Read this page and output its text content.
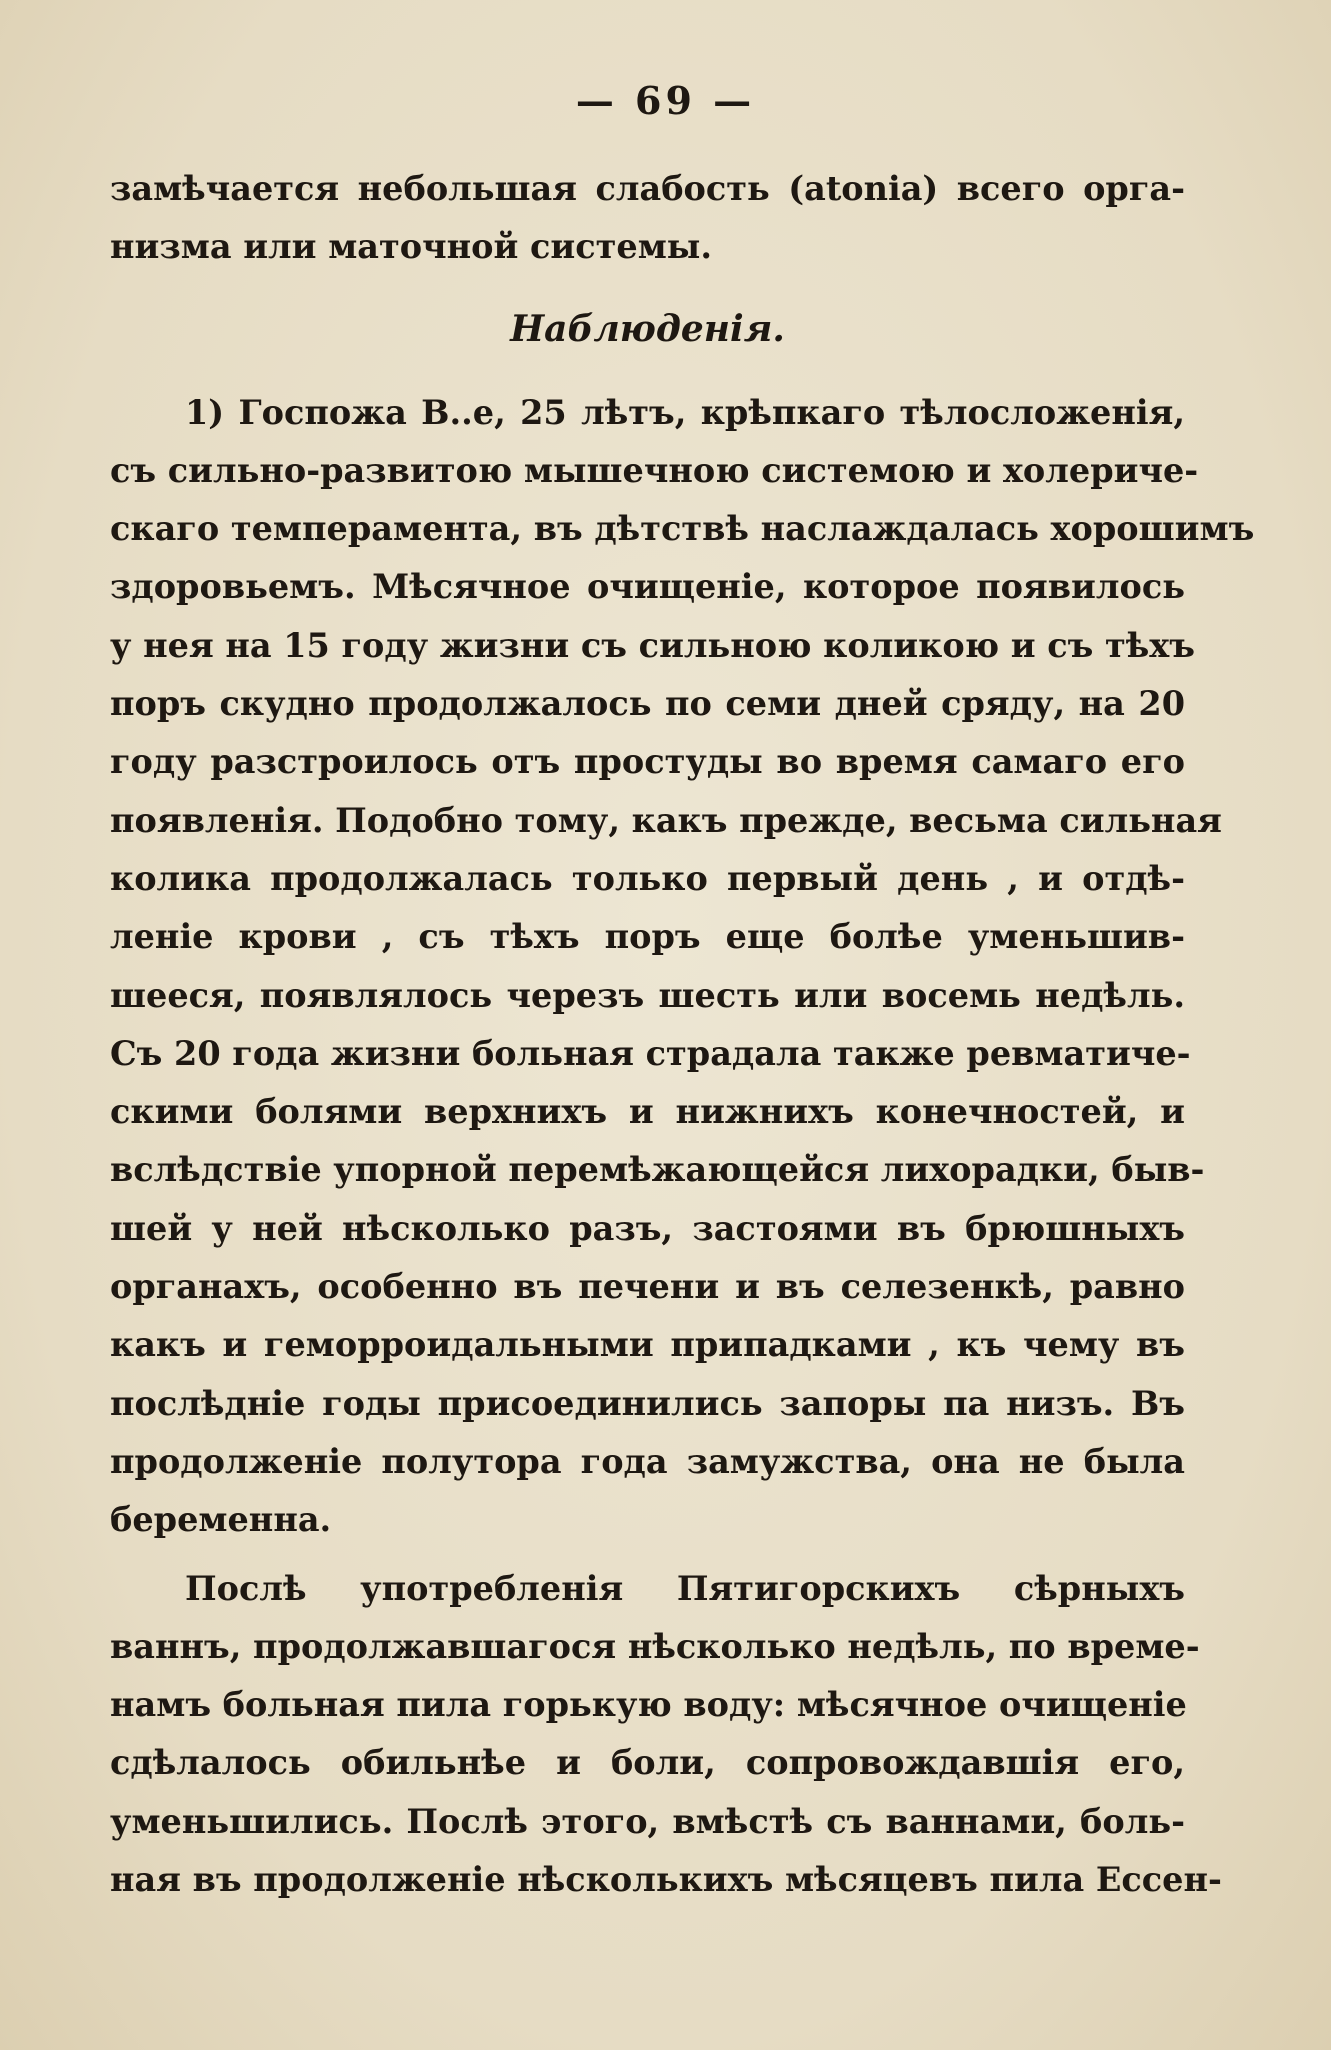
— 69 —
замѣчается небольшая слабость (atonia) всего орга-
низма или маточной системы.
Наблюденія.
1) Госпожа В..е, 25 лѣтъ, крѣпкаго тѣлосложенія,
съ сильно-развитою мышечною системою и холериче-
скаго темперамента, въ дѣтствѣ наслаждалась хорошимъ
здоровьемъ. Мѣсячное очищеніе, которое появилось
у нея на 15 году жизни съ сильною коликою и съ тѣхъ
поръ скудно продолжалось по семи дней сряду, на 20
году разстроилось отъ простуды во время самаго его
появленія. Подобно тому, какъ прежде, весьма сильная
колика продолжалась только первый день , и отдѣ-
леніе крови , съ тѣхъ поръ еще болѣе уменьшив-
шееся, появлялось черезъ шесть или восемь недѣль.
Съ 20 года жизни больная страдала также ревматиче-
скими болями верхнихъ и нижнихъ конечностей, и
вслѣдствіе упорной перемѣжающейся лихорадки, быв-
шей у ней нѣсколько разъ, застоями въ брюшныхъ
органахъ, особенно въ печени и въ селезенкѣ, равно
какъ и геморроидальными припадками , къ чему въ
послѣдніе годы присоединились запоры па низъ. Въ
продолженіе полутора года замужства, она не была
беременна.
Послѣ употребленія Пятигорскихъ сѣрныхъ
ваннъ, продолжавшагося нѣсколько недѣль, по време-
намъ больная пила горькую воду: мѣсячное очищеніе
сдѣлалось обильнѣе и боли, сопровождавшія его,
уменьшились. Послѣ этого, вмѣстѣ съ ваннами, боль-
ная въ продолженіе нѣсколькихъ мѣсяцевъ пила Ессен-
